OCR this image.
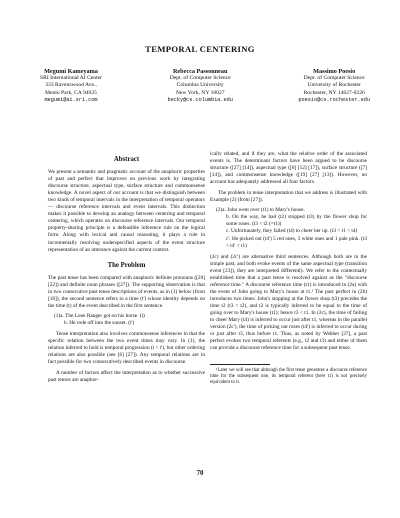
TEMPORAL CENTERING
Megumi Kameyama
SRI International AI Center
333 Ravenswood Ave.,
Menlo Park, CA 94025
megumi@ai.sri.com
Rebecca Passonneau
Dept. of Computer Science
Columbia University
New York, NY 10027
becky@cs.columbia.edu
Massimo Poesio
Dept. of Computer Science
University of Rochester
Rochester, NY 14627-0226
poesio@cs.rochester.edu
Abstract

We present a semantic and pragmatic account of the anaphoric properties of past and perfect that improves on previous work by integrating discourse structure, aspectual type, surface structure and commonsense knowledge. A novel aspect of our account is that we distinguish between two kinds of temporal intervals in the interpretation of temporal operators — discourse reference intervals and event intervals. This distinction makes it possible to develop an analogy between centering and temporal centering, which operates on discourse reference intervals. Our temporal property-sharing principle is a defeasible inference rule on the logical form. Along with lexical and causal reasoning, it plays a role in incrementally resolving underspecified aspects of the event structure representation of an utterance against the current context.

The Problem

The past tense has been compared with anaphoric definite pronouns ([20] [22]) and definite noun phrases ([27]). The supporting observation is that in two consecutive past tense descriptions of events, as in (1) below (from [18]), the second sentence refers to a time (t') whose identity depends on the time (t) of the event described in the first sentence.

(1)a. The Lone Ranger got on his horse. (t)
b. He rode off into the sunset. (t')

Tense interpretation also involves commonsense inferences in that the specific relation between the two event times may vary. In (1), the relation inferred to hold is temporal progression (t < t'), but other ordering relations are also possible (see [6] [27]). Any temporal relations are in fact possible for two consecutively described events in discourse.

A number of factors affect the interpretation as to whether successive past tenses are anaphor-

ically related, and if they are, what the relative order of the associated events is. The determinant factors have been argued to be discourse structure ([27] [14]), aspectual type ([6] [12] [17]), surface structure ([7] [14]), and commonsense knowledge ([19] [27] [13]). However, no account has adequately addressed all four factors.

The problem in tense interpretation that we address is illustrated with Example (2) (from [27]).

(2)a. John went over (t1) to Mary's house.
b. On the way, he had (t2) stopped (t3) by the flower shop for some roses. (t3 < t2 (=t1))
c. Unfortunately, they failed (t4) to cheer her up. (t3 < t1 < t4)
c'. He picked out (t4') 5 red ones, 3 white ones and 1 pale pink. (t3 < t4' < t1)

(2c) and (2c') are alternative third sentences. Although both are in the simple past, and both evoke events of the same aspectual type (transition event [23]), they are interpreted differently. We refer to the contextually established time that a past tense is resolved against as the "discourse reference time." A discourse reference time (t1) is introduced in (2a) with the event of John going to Mary's house at t1.¹ The past perfect in (2b) introduces two times: John's stopping at the flower shop (t3) precedes the time t2 (t3 < t2), and t2 is typically inferred to be equal to the time of going over to Mary's house (t1); hence t3 < t1. In (2c), the time of failing to cheer Mary (t4) is inferred to occur just after t1, whereas in the parallel version (2c'), the time of picking out roses (t4') is inferred to occur during or just after t3, thus before t1. Thus, as noted by Webber [27], a past perfect evokes two temporal referents (e.g., t2 and t3) and either of them can provide a discourse reference time for a subsequent past tense.

¹Later we will see that although the first tense generates a discourse reference time for the subsequent one, its temporal referent (here t1) is not precisely equivalent to it.

70
